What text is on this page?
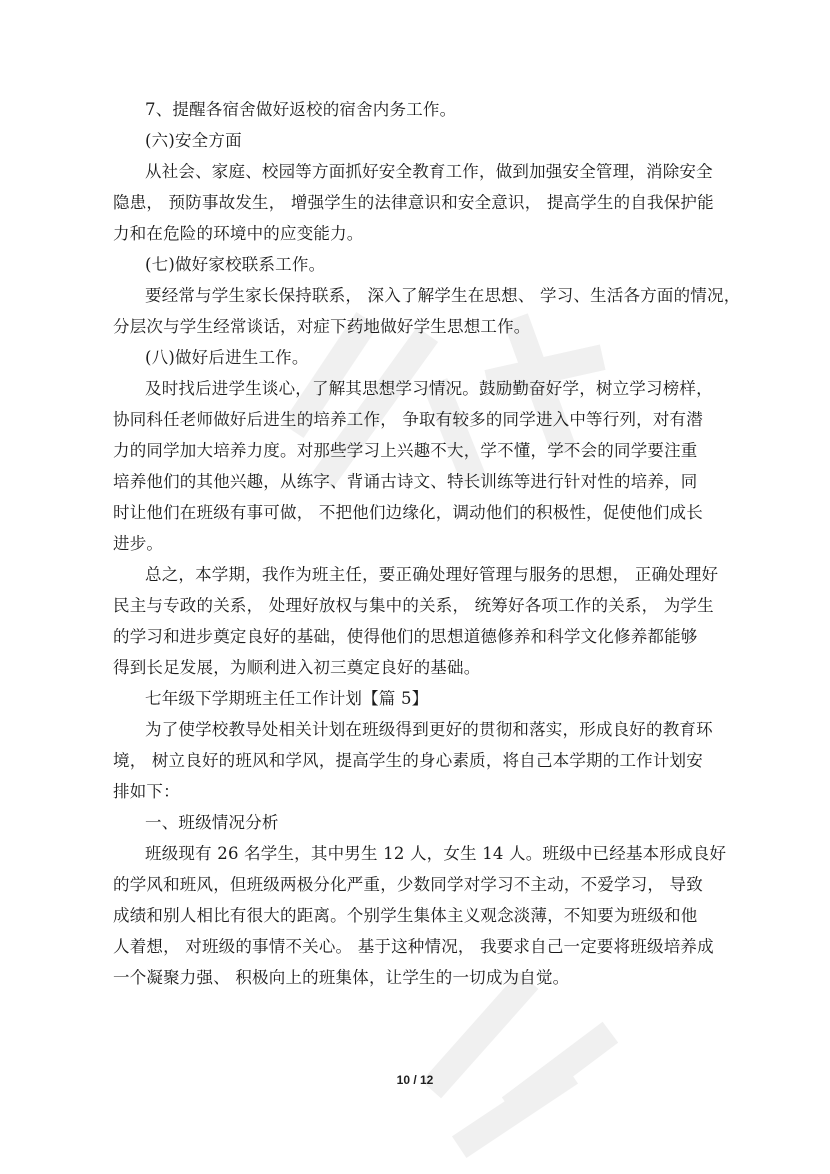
7、提醒各宿舍做好返校的宿舍内务工作。
(六)安全方面
从社会、家庭、校园等方面抓好安全教育工作，做到加强安全管理，消除安全
隐患， 预防事故发生， 增强学生的法律意识和安全意识， 提高学生的自我保护能
力和在危险的环境中的应变能力。
(七)做好家校联系工作。
要经常与学生家长保持联系， 深入了解学生在思想、 学习、生活各方面的情况，
分层次与学生经常谈话，对症下药地做好学生思想工作。
(八)做好后进生工作。
及时找后进学生谈心，了解其思想学习情况。鼓励勤奋好学，树立学习榜样，
协同科任老师做好后进生的培养工作， 争取有较多的同学进入中等行列，对有潜
力的同学加大培养力度。对那些学习上兴趣不大，学不懂，学不会的同学要注重
培养他们的其他兴趣，从练字、背诵古诗文、特长训练等进行针对性的培养，同
时让他们在班级有事可做， 不把他们边缘化，调动他们的积极性，促使他们成长
进步。
总之，本学期，我作为班主任，要正确处理好管理与服务的思想， 正确处理好
民主与专政的关系， 处理好放权与集中的关系， 统筹好各项工作的关系， 为学生
的学习和进步奠定良好的基础，使得他们的思想道德修养和科学文化修养都能够
得到长足发展，为顺利进入初三奠定良好的基础。
七年级下学期班主任工作计划【篇 5】
为了使学校教导处相关计划在班级得到更好的贯彻和落实，形成良好的教育环
境， 树立良好的班风和学风，提高学生的身心素质，将自己本学期的工作计划安
排如下：
一、班级情况分析
班级现有 26 名学生，其中男生 12 人，女生 14 人。班级中已经基本形成良好
的学风和班风，但班级两极分化严重，少数同学对学习不主动，不爱学习， 导致
成绩和别人相比有很大的距离。个别学生集体主义观念淡薄，不知要为班级和他
人着想， 对班级的事情不关心。 基于这种情况， 我要求自己一定要将班级培养成
一个凝聚力强、 积极向上的班集体，让学生的一切成为自觉。
10 / 12
